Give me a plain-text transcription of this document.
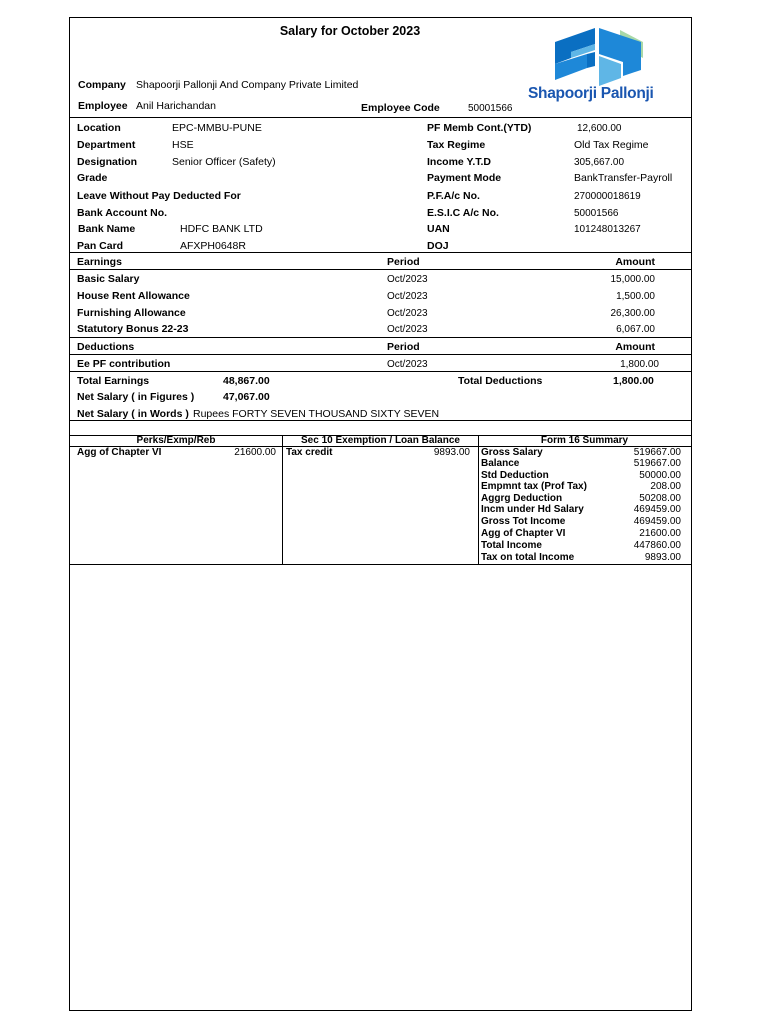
Salary for October 2023
Company Shapoorji Pallonji And Company Private Limited
Employee Anil Harichandan	Employee Code	50001566
Shapoorji Pallonji
Location	EPC-MMBU-PUNE
Department	HSE
Designation	Senior Officer (Safety)
Grade
Leave Without Pay Deducted For
Bank Account No.
Bank Name	HDFC BANK LTD
Pan Card	AFXPH0648R
PF Memb Cont.(YTD)	12,600.00
Tax Regime	Old Tax Regime
Income Y.T.D	305,667.00
Payment Mode	BankTransfer-Payroll
P.F.A/c No.	270000018619
E.S.I.C A/c No.	50001566
UAN	101248013267
DOJ
Earnings	Period	Amount
Basic Salary	Oct/2023	15,000.00
House Rent Allowance	Oct/2023	1,500.00
Furnishing Allowance	Oct/2023	26,300.00
Statutory Bonus 22-23	Oct/2023	6,067.00
Deductions	Period	Amount
Ee PF contribution	Oct/2023	1,800.00
Total Earnings	48,867.00	Total Deductions	1,800.00
Net Salary ( in Figures )	47,067.00
Net Salary ( in Words ) Rupees FORTY SEVEN THOUSAND SIXTY SEVEN
Perks/Exmp/Reb	Sec 10 Exemption / Loan Balance	Form 16 Summary
Agg of Chapter VI	21600.00 Tax credit	9893.00 Gross Salary	519667.00
Balance	519667.00
Std Deduction	50000.00
Empmnt tax (Prof Tax)	208.00
Aggrg Deduction	50208.00
Incm under Hd Salary	469459.00
Gross Tot Income	469459.00
Agg of Chapter VI	21600.00
Total Income	447860.00
Tax on total Income	9893.00
